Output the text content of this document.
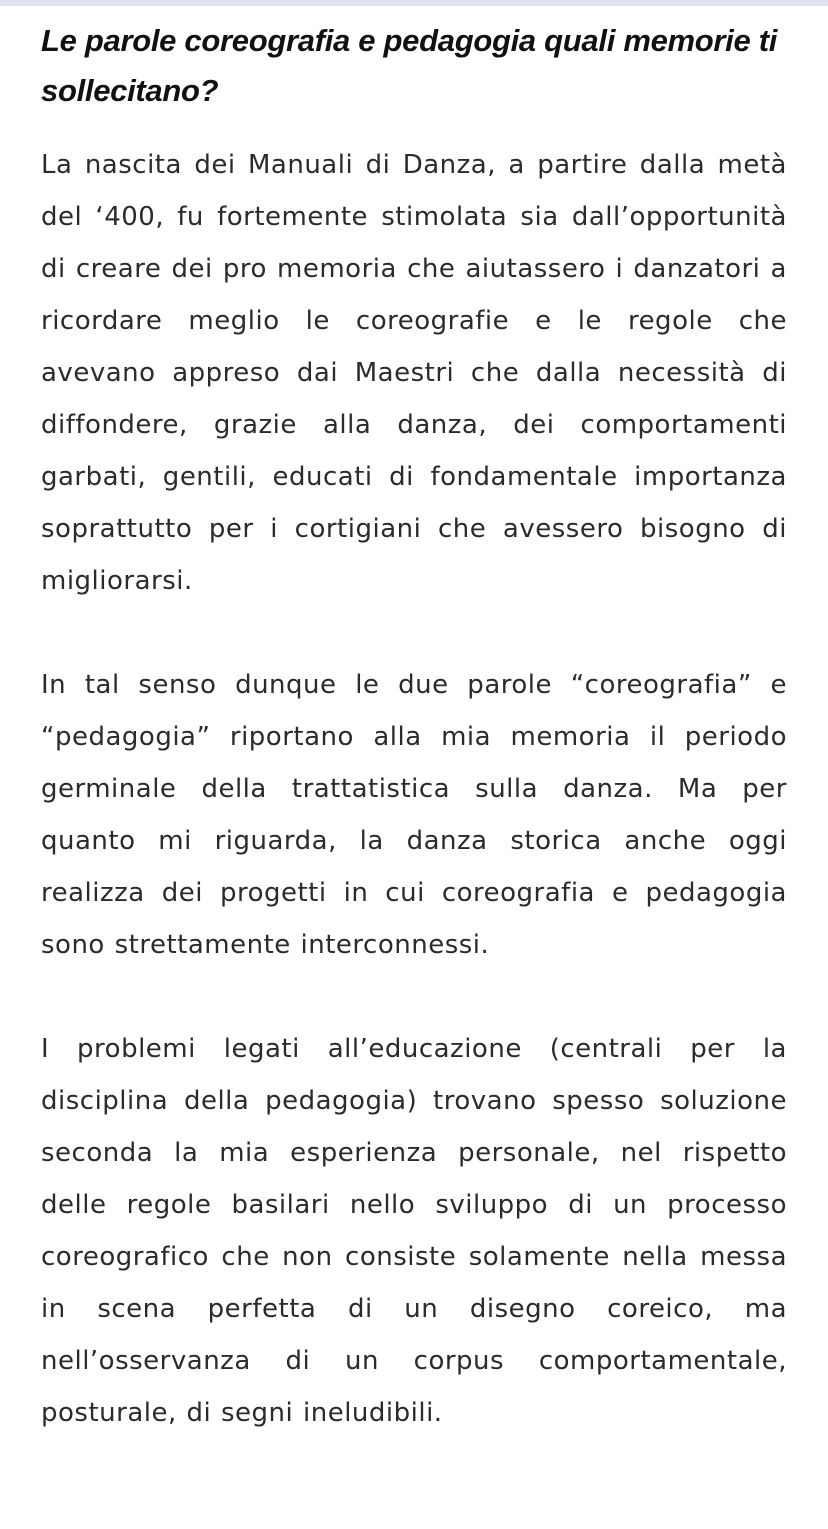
Le parole coreografia e pedagogia quali memorie ti sollecitano?

La nascita dei Manuali di Danza, a partire dalla metà del ‘400, fu fortemente stimolata sia dall’opportunità di creare dei pro memoria che aiutassero i danzatori a ricordare meglio le coreografie e le regole che avevano appreso dai Maestri che dalla necessità di diffondere, grazie alla danza, dei comportamenti garbati, gentili, educati di fondamentale importanza soprattutto per i cortigiani che avessero bisogno di migliorarsi.

In tal senso dunque le due parole “coreografia” e “pedagogia” riportano alla mia memoria il periodo germinale della trattatistica sulla danza. Ma per quanto mi riguarda, la danza storica anche oggi realizza dei progetti in cui coreografia e pedagogia sono strettamente interconnessi.

I problemi legati all’educazione (centrali per la disciplina della pedagogia) trovano spesso soluzione seconda la mia esperienza personale, nel rispetto delle regole basilari nello sviluppo di un processo coreografico che non consiste solamente nella messa in scena perfetta di un disegno coreico, ma nell’osservanza di un corpus comportamentale, posturale, di segni ineludibili.
